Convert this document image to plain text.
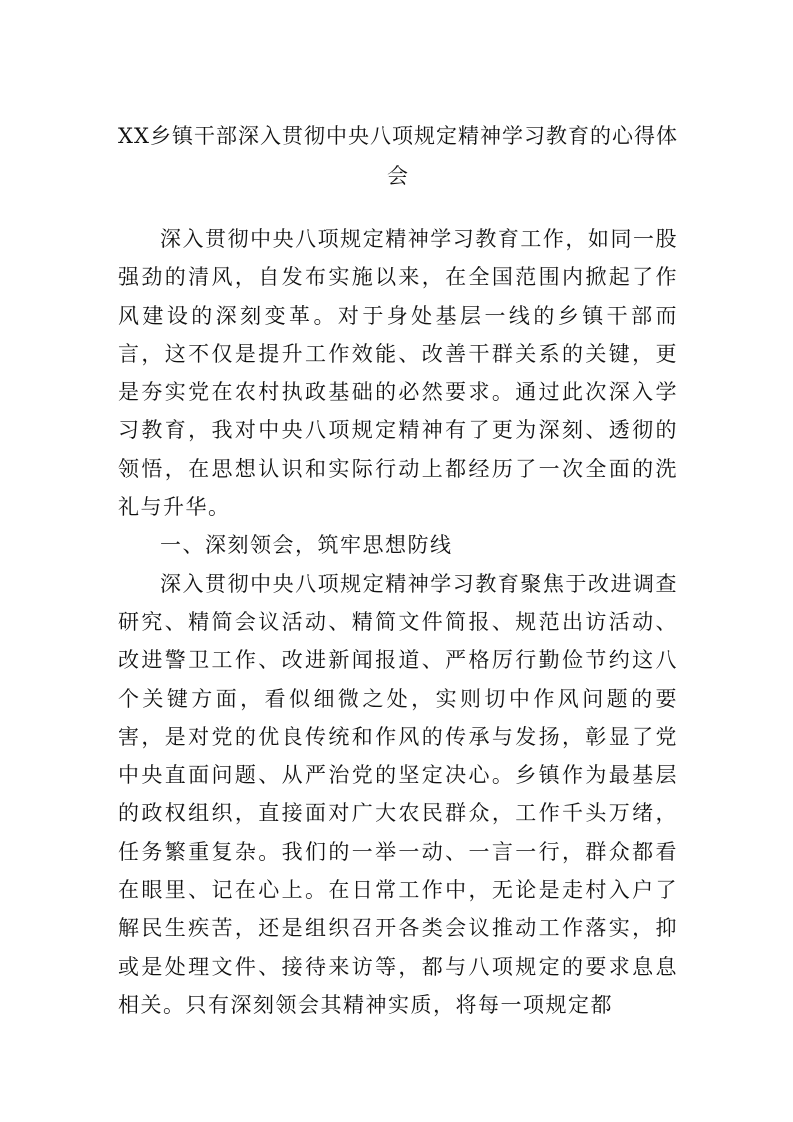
XX乡镇干部深入贯彻中央八项规定精神学习教育的心得体会

深入贯彻中央八项规定精神学习教育工作，如同一股强劲的清风，自发布实施以来，在全国范围内掀起了作风建设的深刻变革。对于身处基层一线的乡镇干部而言，这不仅是提升工作效能、改善干群关系的关键，更是夯实党在农村执政基础的必然要求。通过此次深入学习教育，我对中央八项规定精神有了更为深刻、透彻的领悟，在思想认识和实际行动上都经历了一次全面的洗礼与升华。

一、深刻领会，筑牢思想防线

深入贯彻中央八项规定精神学习教育聚焦于改进调查研究、精简会议活动、精简文件简报、规范出访活动、改进警卫工作、改进新闻报道、严格厉行勤俭节约这八个关键方面，看似细微之处，实则切中作风问题的要害，是对党的优良传统和作风的传承与发扬，彰显了党中央直面问题、从严治党的坚定决心。乡镇作为最基层的政权组织，直接面对广大农民群众，工作千头万绪，任务繁重复杂。我们的一举一动、一言一行，群众都看在眼里、记在心上。在日常工作中，无论是走村入户了解民生疾苦，还是组织召开各类会议推动工作落实，抑或是处理文件、接待来访等，都与八项规定的要求息息相关。只有深刻领会其精神实质，将每一项规定都
